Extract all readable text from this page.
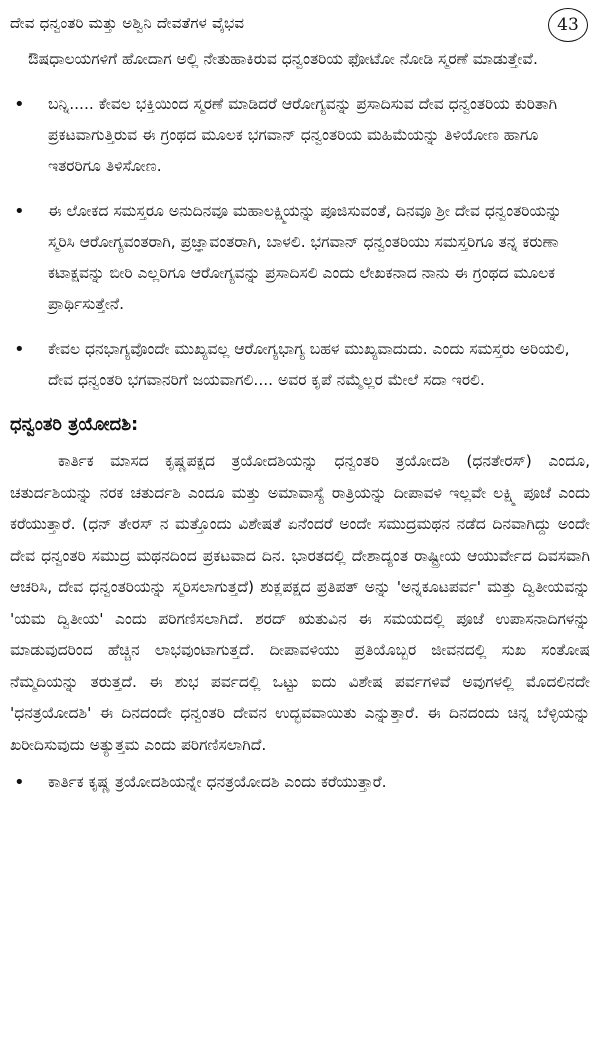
ದೇವ ಧನ್ವಂತರಿ ಮತ್ತು ಅಶ್ವಿನಿ ದೇವತೆಗಳ ವೈಭವ	43

ಔಷಧಾಲಯಗಳಿಗೆ ಹೋದಾಗ ಅಲ್ಲಿ ನೇತುಹಾಕಿರುವ ಧನ್ವಂತರಿಯ ಫೋಟೋ ನೋಡಿ ಸ್ಮರಣೆ ಮಾಡುತ್ತೇವೆ.

•	ಬನ್ನಿ..... ಕೇವಲ ಭಕ್ತಿಯಿಂದ ಸ್ಮರಣೆ ಮಾಡಿದರೆ ಆರೋಗ್ಯವನ್ನು ಪ್ರಸಾದಿಸುವ ದೇವ ಧನ್ವಂತರಿಯ ಕುರಿತಾಗಿ ಪ್ರಕಟವಾಗುತ್ತಿರುವ ಈ ಗ್ರಂಥದ ಮೂಲಕ ಭಗವಾನ್ ಧನ್ವಂತರಿಯ ಮಹಿಮೆಯನ್ನು ತಿಳಿಯೋಣ ಹಾಗೂ ಇತರರಿಗೂ ತಿಳಿಸೋಣ.
•	ಈ ಲೋಕದ ಸಮಸ್ತರೂ ಅನುದಿನವೂ ಮಹಾಲಕ್ಷ್ಮಿಯನ್ನು ಪೂಜಿಸುವಂತೆ, ದಿನವೂ ಶ್ರೀ ದೇವ ಧನ್ವಂತರಿಯನ್ನು ಸ್ಮರಿಸಿ ಆರೋಗ್ಯವಂತರಾಗಿ, ಪ್ರಜ್ಞಾವಂತರಾಗಿ, ಬಾಳಲಿ. ಭಗವಾನ್ ಧನ್ವಂತರಿಯು ಸಮಸ್ತರಿಗೂ ತನ್ನ ಕರುಣಾ ಕಟಾಕ್ಷವನ್ನು ಬೀರಿ ಎಲ್ಲರಿಗೂ ಆರೋಗ್ಯವನ್ನು ಪ್ರಸಾದಿಸಲಿ ಎಂದು ಲೇಖಕನಾದ ನಾನು ಈ ಗ್ರಂಥದ ಮೂಲಕ ಪ್ರಾರ್ಥಿಸುತ್ತೇನೆ.
•	ಕೇವಲ ಧನಭಾಗ್ಯವೊಂದೇ ಮುಖ್ಯವಲ್ಲ ಆರೋಗ್ಯಭಾಗ್ಯ ಬಹಳ ಮುಖ್ಯವಾದುದು. ಎಂದು ಸಮಸ್ತರು ಅರಿಯಲಿ, ದೇವ ಧನ್ವಂತರಿ ಭಗವಾನರಿಗೆ ಜಯವಾಗಲಿ.... ಅವರ ಕೃಪೆ ನಮ್ಮೆಲ್ಲರ ಮೇಲೆ ಸದಾ ಇರಲಿ.
ಧನ್ವಂತರಿ ತ್ರಯೋದಶಿ:

ಕಾರ್ತಿಕ ಮಾಸದ ಕೃಷ್ಣಪಕ್ಷದ ತ್ರಯೋದಶಿಯನ್ನು ಧನ್ವಂತರಿ ತ್ರಯೋದಶಿ (ಧನತೇರಸ್) ಎಂದೂ, ಚತುರ್ದಶಿಯನ್ನು ನರಕ ಚತುರ್ದಶಿ ಎಂದೂ ಮತ್ತು ಅಮಾವಾಸ್ಯೆ ರಾತ್ರಿಯನ್ನು ದೀಪಾವಳಿ ಇಲ್ಲವೇ ಲಕ್ಷ್ಮಿ ಪೂಜೆ ಎಂದು ಕರೆಯುತ್ತಾರೆ. (ಧನ್ ತೇರಸ್ ನ ಮತ್ತೊಂದು ವಿಶೇಷತೆ ಏನೆಂದರೆ ಅಂದೇ ಸಮುದ್ರಮಥನ ನಡೆದ ದಿನವಾಗಿದ್ದು ಅಂದೇ ದೇವ ಧನ್ವಂತರಿ ಸಮುದ್ರ ಮಥನದಿಂದ ಪ್ರಕಟವಾದ ದಿನ. ಭಾರತದಲ್ಲಿ ದೇಶಾದ್ಯಂತ ರಾಷ್ಟ್ರೀಯ ಆಯುರ್ವೇದ ದಿವಸವಾಗಿ ಆಚರಿಸಿ, ದೇವ ಧನ್ವಂತರಿಯನ್ನು ಸ್ಮರಿಸಲಾಗುತ್ತದೆ) ಶುಕ್ಲಪಕ್ಷದ ಪ್ರತಿಪತ್ ಅನ್ನು 'ಅನ್ನಕೂಟಪರ್ವ' ಮತ್ತು ದ್ವಿತೀಯವನ್ನು 'ಯಮ ದ್ವಿತೀಯ' ಎಂದು ಪರಿಗಣಿಸಲಾಗಿದೆ. ಶರದ್ ಋತುವಿನ ಈ ಸಮಯದಲ್ಲಿ ಪೂಜೆ ಉಪಾಸನಾದಿಗಳನ್ನು ಮಾಡುವುದರಿಂದ ಹೆಚ್ಚಿನ ಲಾಭವುಂಟಾಗುತ್ತದೆ. ದೀಪಾವಳಿಯು ಪ್ರತಿಯೊಬ್ಬರ ಜೀವನದಲ್ಲಿ ಸುಖ ಸಂತೋಷ ನೆಮ್ಮದಿಯನ್ನು ತರುತ್ತದೆ. ಈ ಶುಭ ಪರ್ವದಲ್ಲಿ ಒಟ್ಟು ಐದು ವಿಶೇಷ ಪರ್ವಗಳಿವೆ ಅವುಗಳಲ್ಲಿ ಮೊದಲಿನದೇ 'ಧನತ್ರಯೋದಶಿ' ಈ ದಿನದಂದೇ ಧನ್ವಂತರಿ ದೇವನ ಉದ್ಭವವಾಯಿತು ಎನ್ನುತ್ತಾರೆ. ಈ ದಿನದಂದು ಚಿನ್ನ ಬೆಳ್ಳಿಯನ್ನು ಖರೀದಿಸುವುದು ಅತ್ಯುತ್ತಮ ಎಂದು ಪರಿಗಣಿಸಲಾಗಿದೆ.

•	ಕಾರ್ತಿಕ ಕೃಷ್ಣ ತ್ರಯೋದಶಿಯನ್ನೇ ಧನತ್ರಯೋದಶಿ ಎಂದು ಕರೆಯುತ್ತಾರೆ.
